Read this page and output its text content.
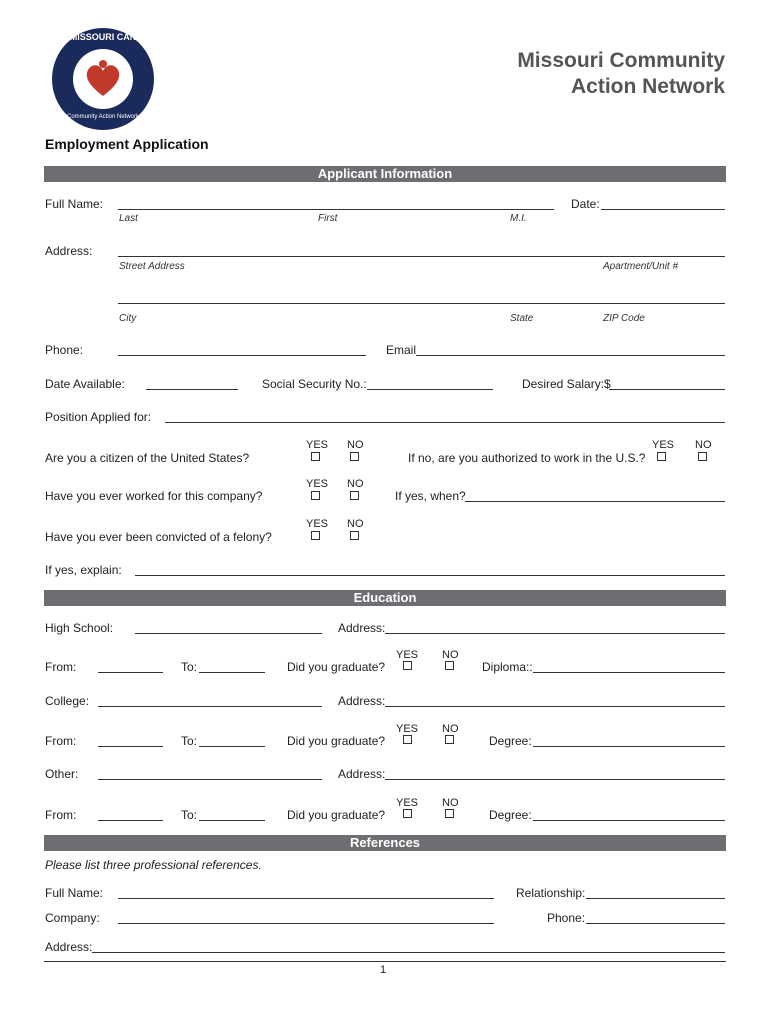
MISSOURI CAN
Community Action Network
Missouri Community
Action Network
Employment Application
Applicant Information
Full Name:	Date:
Last	First	M.I.
Address:
Street Address	Apartment/Unit #
City	State	ZIP Code
Phone:	Email
Date Available:	Social Security No.:	Desired Salary:$
Position Applied for:
YES NO
Are you a citizen of the United States?
YES NO
If no, are you authorized to work in the U.S.?
YES NO
Have you ever worked for this company?	If yes, when?
YES NO
Have you ever been convicted of a felony?
If yes, explain:
Education
High School:	Address:
YES NO
From:	To:	Did you graduate?	Diploma::
College:	Address:
YES NO
From:	To:	Did you graduate?	Degree:
Other:	Address:
YES NO
From:	To:	Did you graduate?	Degree:
References
Please list three professional references.
Full Name:	Relationship:
Company:	Phone:
Address:
1
